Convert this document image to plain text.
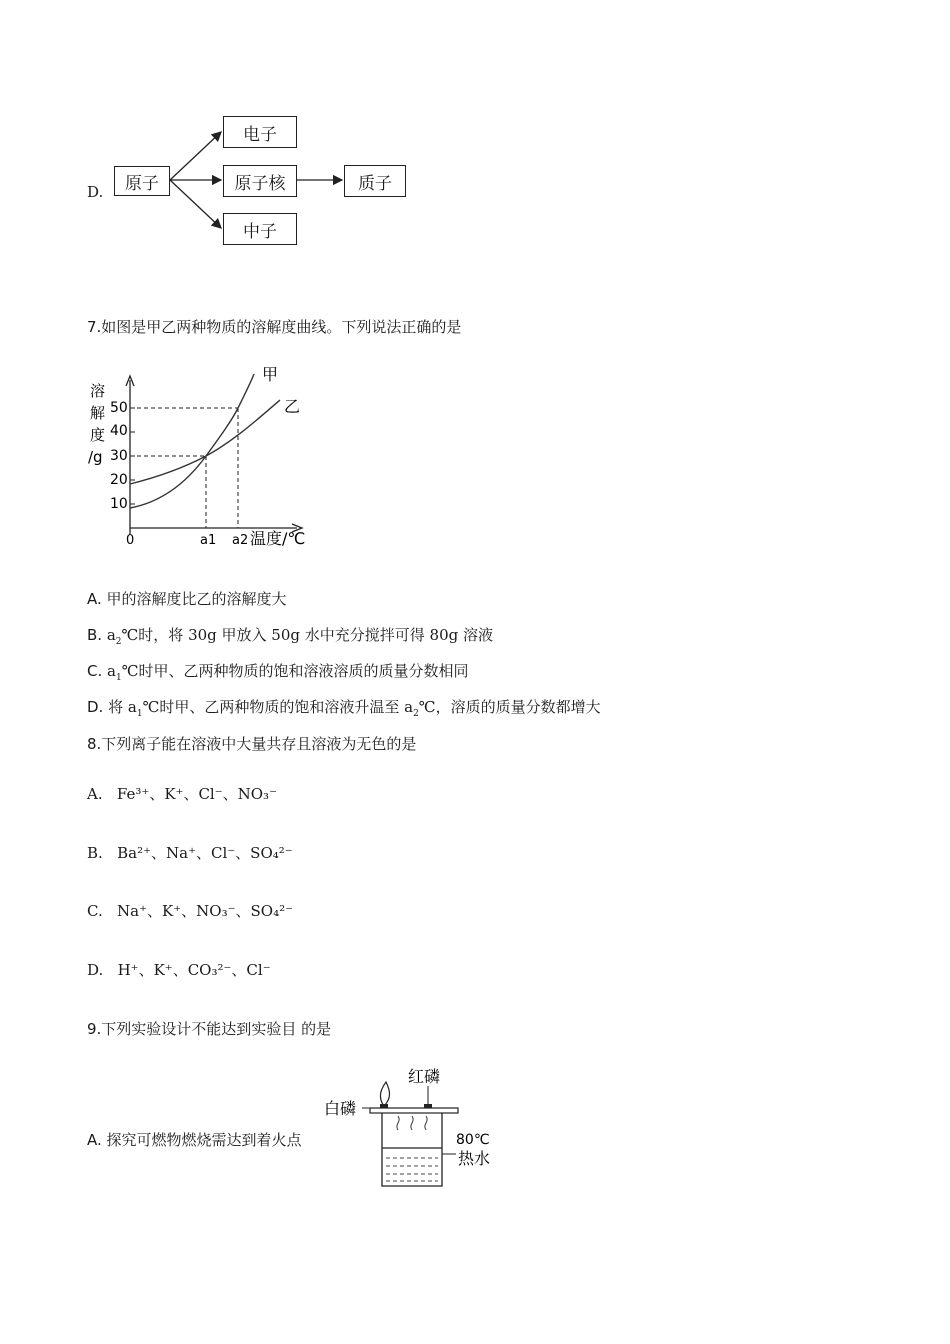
D.	原子
电子
原子核	质子
中子
7.如图是甲乙两种物质的溶解度曲线。下列说法正确的是
溶
解
度
/g
10
20
30
40
50
甲
乙
0	a1 a2 温度/℃
A. 甲的溶解度比乙的溶解度大
B. $a_2℃$时，将 30g 甲放入 50g 水中充分搅拌可得 80g 溶液
C. $a_1℃$时甲、乙两种物质的饱和溶液溶质的质量分数相同
D. 将 $a_1℃$时甲、乙两种物质的饱和溶液升温至 $a_2℃$，溶质的质量分数都增大
8.下列离子能在溶液中大量共存且溶液为无色的是
A. Fe³⁺、K⁺、Cl⁻、NO₃⁻
B. Ba²⁺、Na⁺、Cl⁻、SO₄²⁻
C. Na⁺、K⁺、NO₃⁻、SO₄²⁻
D. H⁺、K⁺、CO₃²⁻、Cl⁻
9.下列实验设计不能达到实验目 的是
A. 探究可燃物燃烧需达到着火点
红磷
白磷
80℃
热水
